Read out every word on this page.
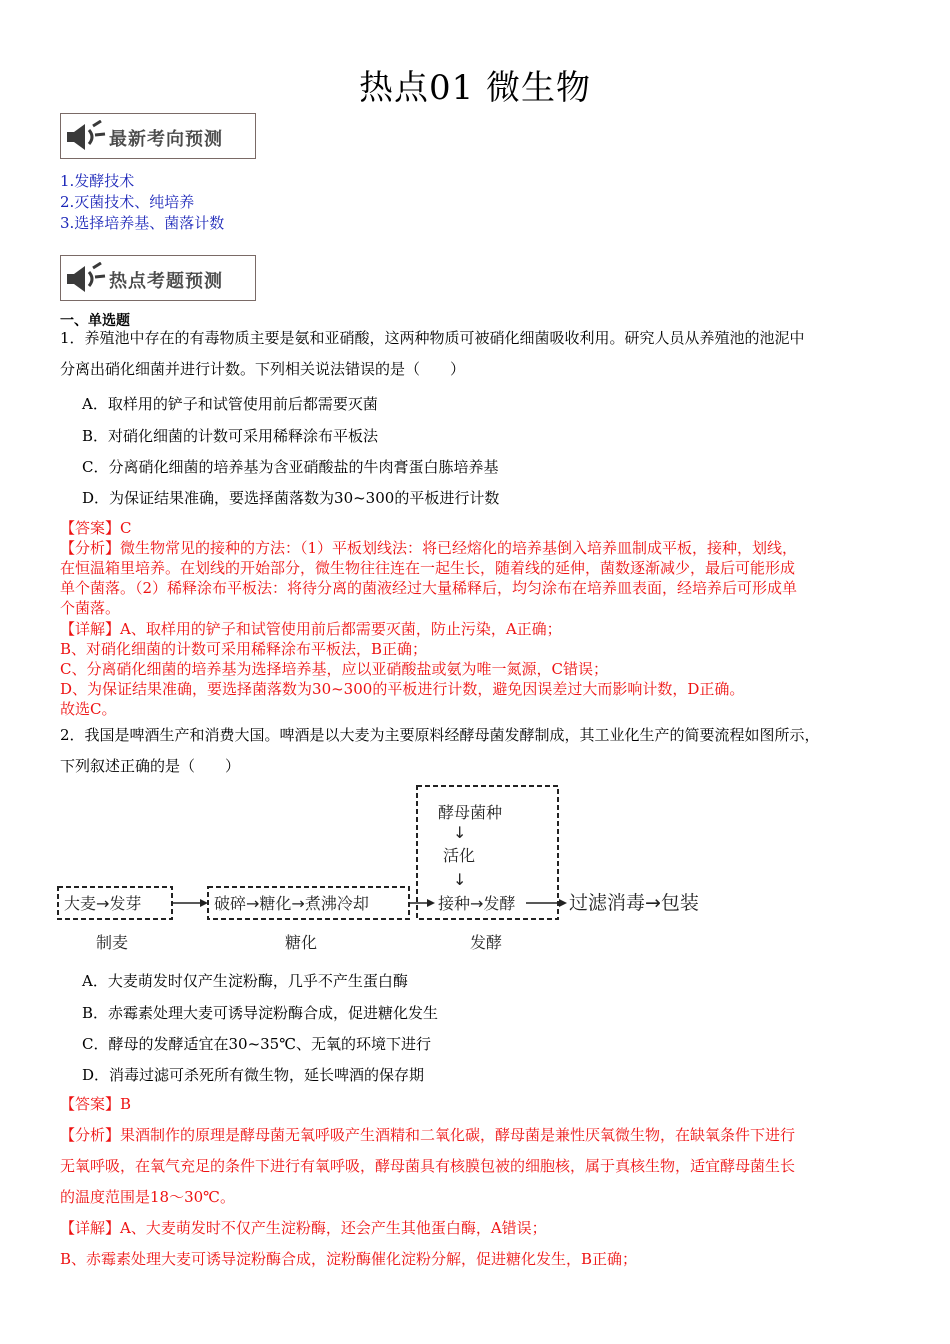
热点01 微生物
最新考向预测
1.发酵技术
2.灭菌技术、纯培养
3.选择培养基、菌落计数
热点考题预测
一、单选题
1．养殖池中存在的有毒物质主要是氨和亚硝酸，这两种物质可被硝化细菌吸收利用。研究人员从养殖池的池泥中
分离出硝化细菌并进行计数。下列相关说法错误的是（　　）
A．取样用的铲子和试管使用前后都需要灭菌
B．对硝化细菌的计数可采用稀释涂布平板法
C．分离硝化细菌的培养基为含亚硝酸盐的牛肉膏蛋白胨培养基
D．为保证结果准确，要选择菌落数为30~300的平板进行计数
【答案】C
【分析】微生物常见的接种的方法：（1）平板划线法：将已经熔化的培养基倒入培养皿制成平板，接种，划线，
在恒温箱里培养。在划线的开始部分，微生物往往连在一起生长，随着线的延伸，菌数逐渐减少，最后可能形成
单个菌落。（2）稀释涂布平板法：将待分离的菌液经过大量稀释后，均匀涂布在培养皿表面，经培养后可形成单
个菌落。
【详解】A、取样用的铲子和试管使用前后都需要灭菌，防止污染，A正确；
B、对硝化细菌的计数可采用稀释涂布平板法，B正确；
C、分离硝化细菌的培养基为选择培养基，应以亚硝酸盐或氨为唯一氮源，C错误；
D、为保证结果准确，要选择菌落数为30~300的平板进行计数，避免因误差过大而影响计数，D正确。
故选C。
2．我国是啤酒生产和消费大国。啤酒是以大麦为主要原料经酵母菌发酵制成，其工业化生产的简要流程如图所示，
下列叙述正确的是（　　）
酵母菌种
↓
活化
↓
大麦→发芽	破碎→糖化→煮沸冷却	接种→发酵	过滤消毒→包装
制麦	糖化	发酵
A．大麦萌发时仅产生淀粉酶，几乎不产生蛋白酶
B．赤霉素处理大麦可诱导淀粉酶合成，促进糖化发生
C．酵母的发酵适宜在30~35℃、无氧的环境下进行
D．消毒过滤可杀死所有微生物，延长啤酒的保存期
【答案】B
【分析】果酒制作的原理是酵母菌无氧呼吸产生酒精和二氧化碳，酵母菌是兼性厌氧微生物，在缺氧条件下进行
无氧呼吸，在氧气充足的条件下进行有氧呼吸，酵母菌具有核膜包被的细胞核，属于真核生物，适宜酵母菌生长
的温度范围是18～30℃。
【详解】A、大麦萌发时不仅产生淀粉酶，还会产生其他蛋白酶，A错误；
B、赤霉素处理大麦可诱导淀粉酶合成，淀粉酶催化淀粉分解，促进糖化发生，B正确；
